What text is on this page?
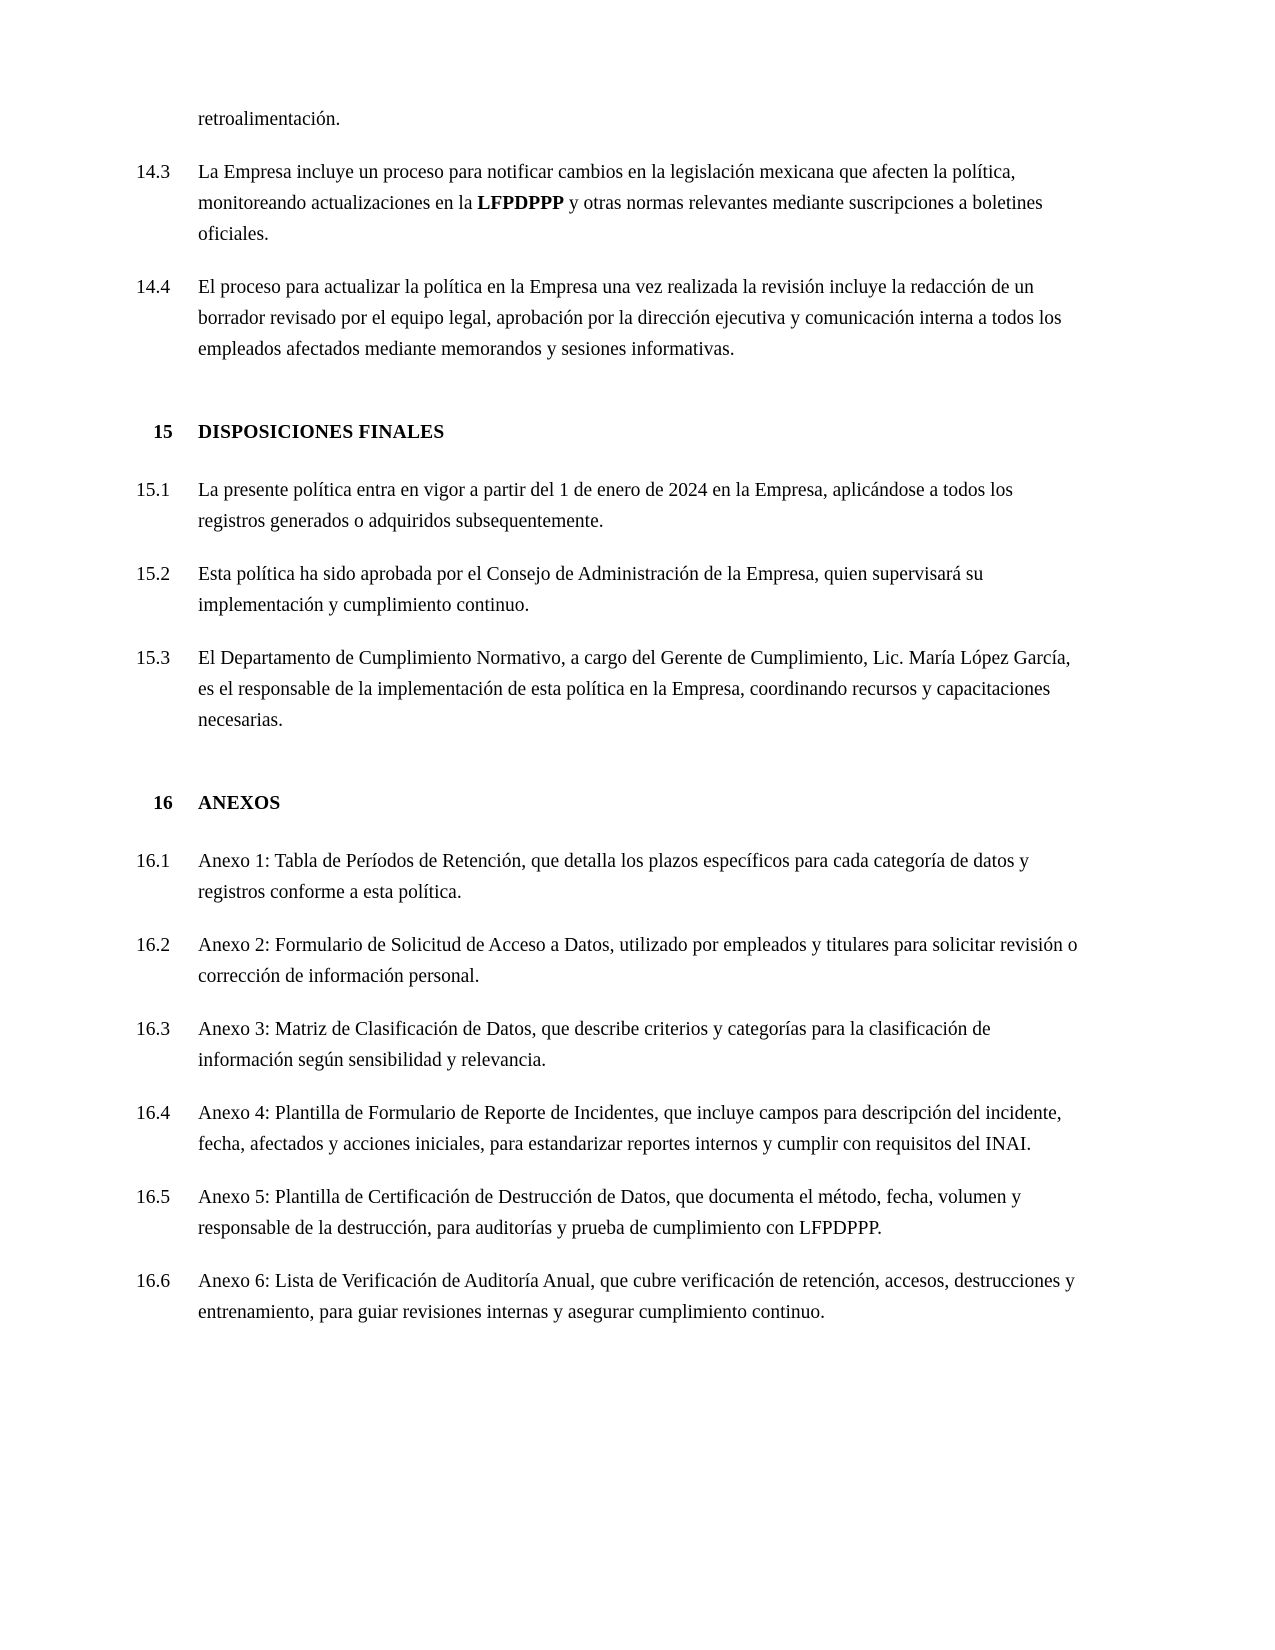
retroalimentación.
14.3	La Empresa incluye un proceso para notificar cambios en la legislación mexicana que afecten la política, monitoreando actualizaciones en la LFPDPPP y otras normas relevantes mediante suscripciones a boletines oficiales.
14.4	El proceso para actualizar la política en la Empresa una vez realizada la revisión incluye la redacción de un borrador revisado por el equipo legal, aprobación por la dirección ejecutiva y comunicación interna a todos los empleados afectados mediante memorandos y sesiones informativas.
15	DISPOSICIONES FINALES
15.1	La presente política entra en vigor a partir del 1 de enero de 2024 en la Empresa, aplicándose a todos los registros generados o adquiridos subsequentemente.
15.2	Esta política ha sido aprobada por el Consejo de Administración de la Empresa, quien supervisará su implementación y cumplimiento continuo.
15.3	El Departamento de Cumplimiento Normativo, a cargo del Gerente de Cumplimiento, Lic. María López García, es el responsable de la implementación de esta política en la Empresa, coordinando recursos y capacitaciones necesarias.
16	ANEXOS
16.1	Anexo 1: Tabla de Períodos de Retención, que detalla los plazos específicos para cada categoría de datos y registros conforme a esta política.
16.2	Anexo 2: Formulario de Solicitud de Acceso a Datos, utilizado por empleados y titulares para solicitar revisión o corrección de información personal.
16.3	Anexo 3: Matriz de Clasificación de Datos, que describe criterios y categorías para la clasificación de información según sensibilidad y relevancia.
16.4	Anexo 4: Plantilla de Formulario de Reporte de Incidentes, que incluye campos para descripción del incidente, fecha, afectados y acciones iniciales, para estandarizar reportes internos y cumplir con requisitos del INAI.
16.5	Anexo 5: Plantilla de Certificación de Destrucción de Datos, que documenta el método, fecha, volumen y responsable de la destrucción, para auditorías y prueba de cumplimiento con LFPDPPP.
16.6	Anexo 6: Lista de Verificación de Auditoría Anual, que cubre verificación de retención, accesos, destrucciones y entrenamiento, para guiar revisiones internas y asegurar cumplimiento continuo.
